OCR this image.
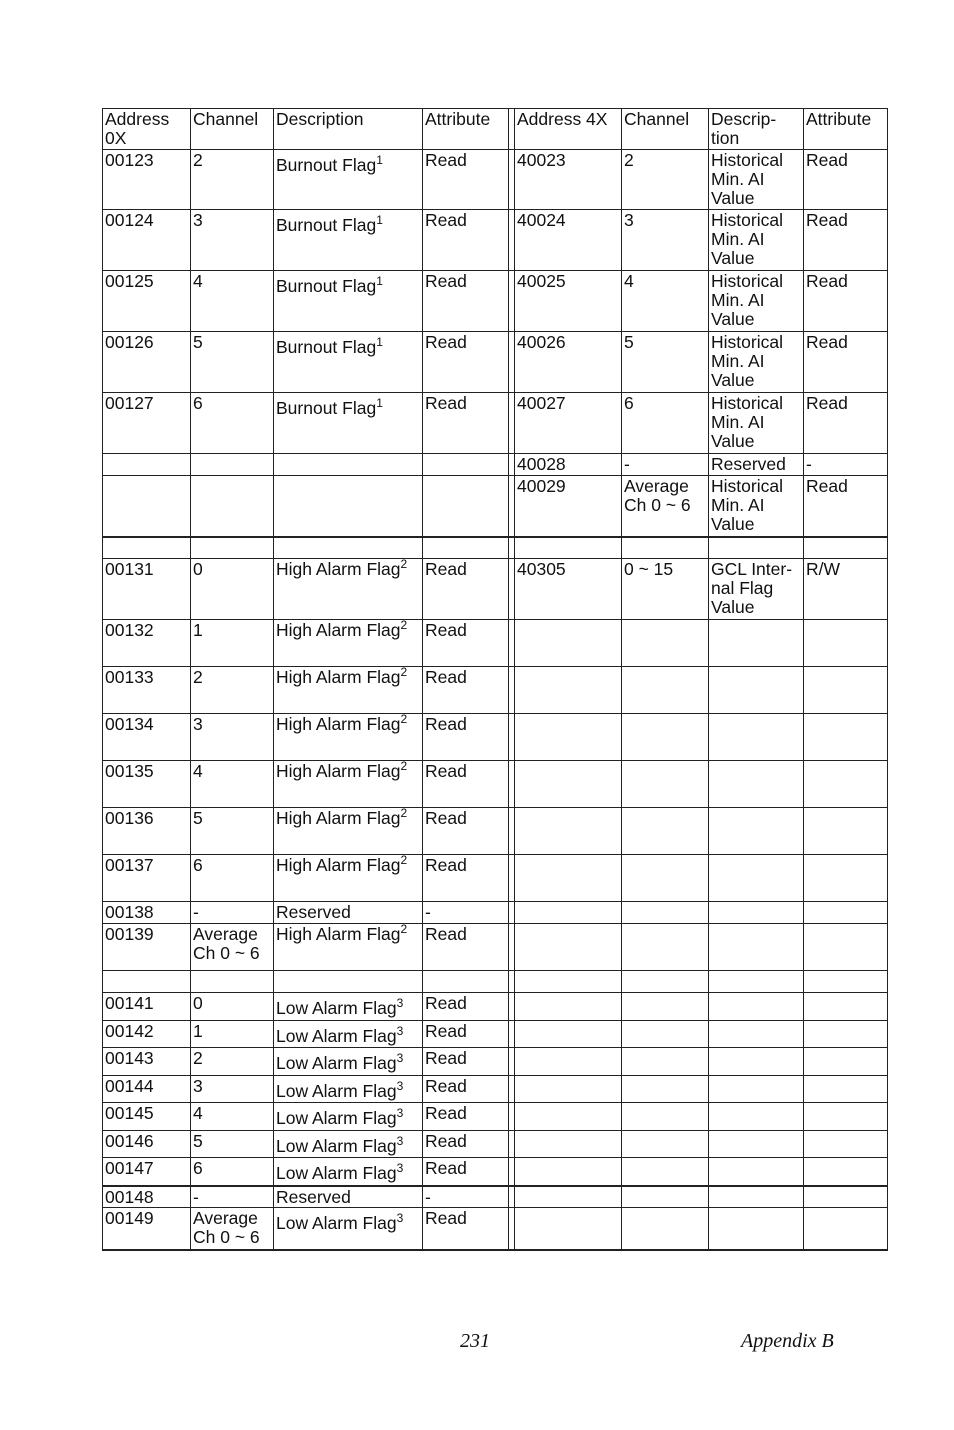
Address 0X	Channel	Description	Attribute		Address 4X	Channel	Descrip-tion	Attribute
00123	2	Burnout Flag$^1$	Read		40023	2	Historical Min. AI Value	Read
00124	3	Burnout Flag$^1$	Read		40024	3	Historical Min. AI Value	Read
00125	4	Burnout Flag$^1$	Read		40025	4	Historical Min. AI Value	Read
00126	5	Burnout Flag$^1$	Read		40026	5	Historical Min. AI Value	Read
00127	6	Burnout Flag$^1$	Read		40027	6	Historical Min. AI Value	Read
					40028	-	Reserved	-
					40029	Average Ch 0 ~ 6	Historical Min. AI Value	Read

00131	0	High Alarm Flag$^2$	Read		40305	0 ~ 15	GCL Inter-nal Flag Value	R/W
00132	1	High Alarm Flag$^2$	Read					
00133	2	High Alarm Flag$^2$	Read					
00134	3	High Alarm Flag$^2$	Read					
00135	4	High Alarm Flag$^2$	Read					
00136	5	High Alarm Flag$^2$	Read					
00137	6	High Alarm Flag$^2$	Read					
00138	-	Reserved	-					
00139	Average Ch 0 ~ 6	High Alarm Flag$^2$	Read					

00141	0	Low Alarm Flag$^3$	Read					
00142	1	Low Alarm Flag$^3$	Read					
00143	2	Low Alarm Flag$^3$	Read					
00144	3	Low Alarm Flag$^3$	Read					
00145	4	Low Alarm Flag$^3$	Read					
00146	5	Low Alarm Flag$^3$	Read					
00147	6	Low Alarm Flag$^3$	Read					
00148	-	Reserved	-					
00149	Average Ch 0 ~ 6	Low Alarm Flag$^3$	Read					
231	Appendix B
